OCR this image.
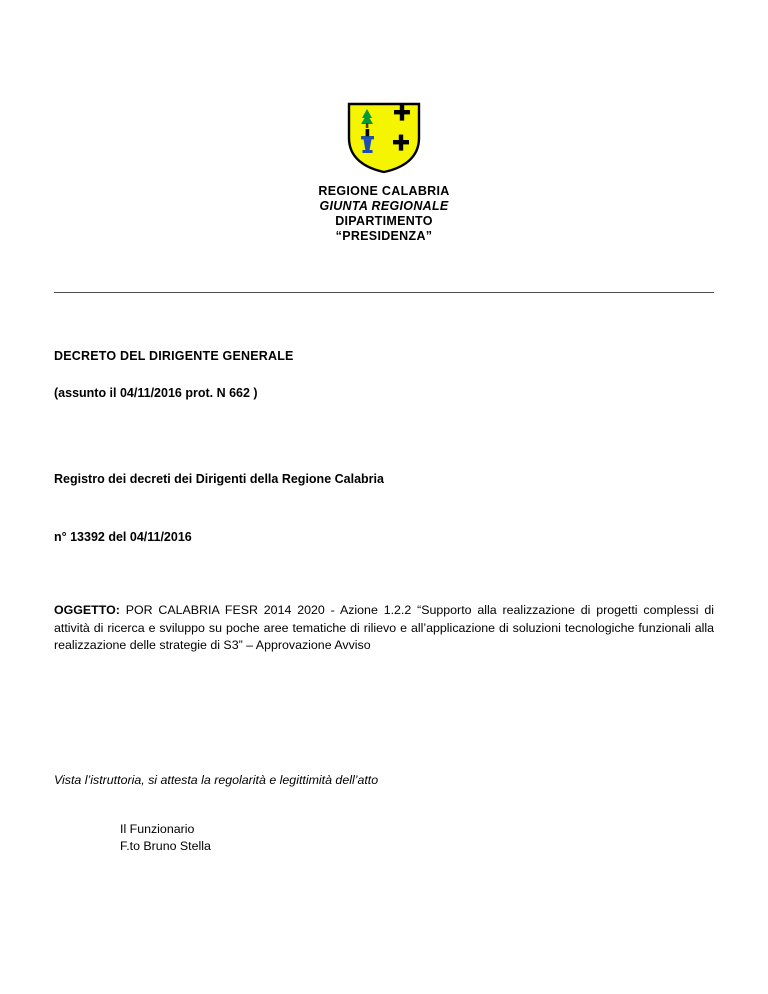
REGIONE CALABRIA
GIUNTA REGIONALE
DIPARTIMENTO
“PRESIDENZA”
DECRETO DEL DIRIGENTE GENERALE
(assunto il 04/11/2016 prot. N 662 )
Registro dei decreti dei Dirigenti della Regione Calabria
n° 13392 del 04/11/2016
OGGETTO: POR CALABRIA FESR 2014 2020 - Azione 1.2.2 “Supporto alla realizzazione di progetti complessi di attività di ricerca e sviluppo su poche aree tematiche di rilievo e all’applicazione di soluzioni tecnologiche funzionali alla realizzazione delle strategie di S3” – Approvazione Avviso
Vista l’istruttoria, si attesta la regolarità e legittimità dell’atto
Il Funzionario
F.to Bruno Stella
